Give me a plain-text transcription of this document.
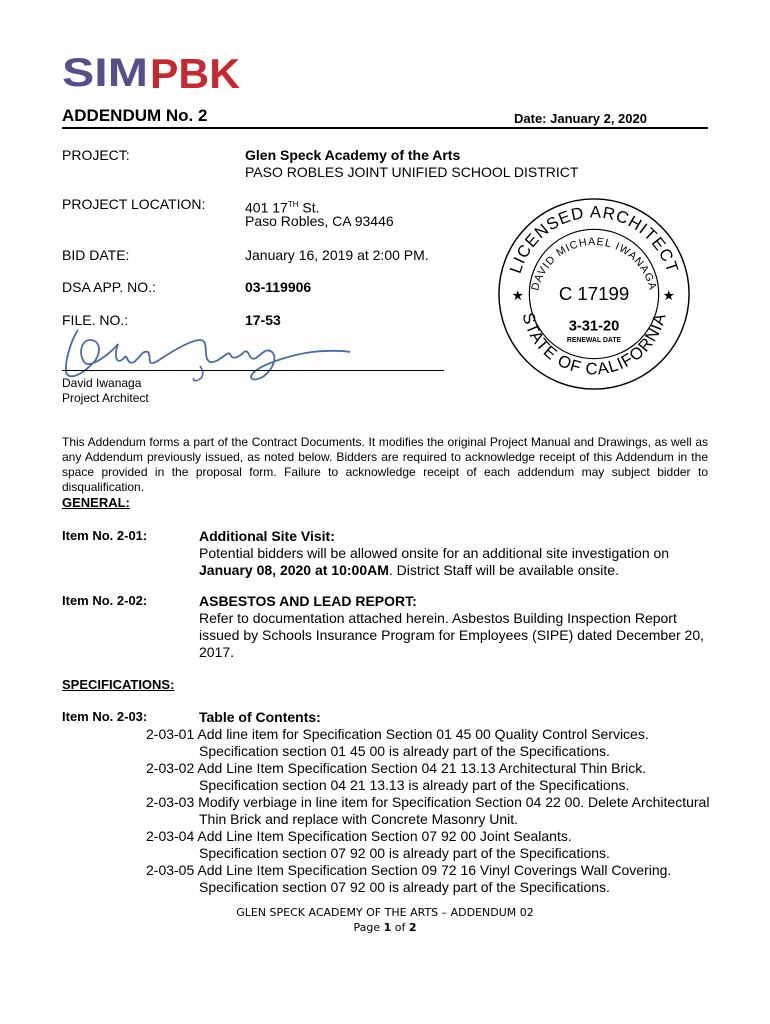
SIM PBK
ADDENDUM No. 2	Date: January 2, 2020
PROJECT:	Glen Speck Academy of the Arts
PASO ROBLES JOINT UNIFIED SCHOOL DISTRICT
PROJECT LOCATION:	401 17TH St.
Paso Robles, CA 93446
BID DATE:	January 16, 2019 at 2:00 PM.
DSA APP. NO.:	03-119906
FILE. NO.:	17-53
David Iwanaga
Project Architect
LICENSED ARCHITECT
DAVID MICHAEL IWANAGA
STATE OF CALIFORNIA
★	★
C 17199
3-31-20
RENEWAL DATE
This Addendum forms a part of the Contract Documents. It modifies the original Project Manual and Drawings, as well as any Addendum previously issued, as noted below. Bidders are required to acknowledge receipt of this Addendum in the space provided in the proposal form. Failure to acknowledge receipt of each addendum may subject bidder to disqualification.
GENERAL:
Item No. 2-01:	Additional Site Visit:
Potential bidders will be allowed onsite for an additional site investigation on
January 08, 2020 at 10:00AM. District Staff will be available onsite.
Item No. 2-02:	ASBESTOS AND LEAD REPORT:
Refer to documentation attached herein. Asbestos Building Inspection Report issued by Schools Insurance Program for Employees (SIPE) dated December 20, 2017.
SPECIFICATIONS:
Item No. 2-03:	Table of Contents:
2-03-01 Add line item for Specification Section 01 45 00 Quality Control Services.
Specification section 01 45 00 is already part of the Specifications.
2-03-02 Add Line Item Specification Section 04 21 13.13 Architectural Thin Brick.
Specification section 04 21 13.13 is already part of the Specifications.
2-03-03 Modify verbiage in line item for Specification Section 04 22 00. Delete Architectural
Thin Brick and replace with Concrete Masonry Unit.
2-03-04 Add Line Item Specification Section 07 92 00 Joint Sealants.
Specification section 07 92 00 is already part of the Specifications.
2-03-05 Add Line Item Specification Section 09 72 16 Vinyl Coverings Wall Covering.
Specification section 07 92 00 is already part of the Specifications.
GLEN SPECK ACADEMY OF THE ARTS – ADDENDUM 02
Page 1 of 2
